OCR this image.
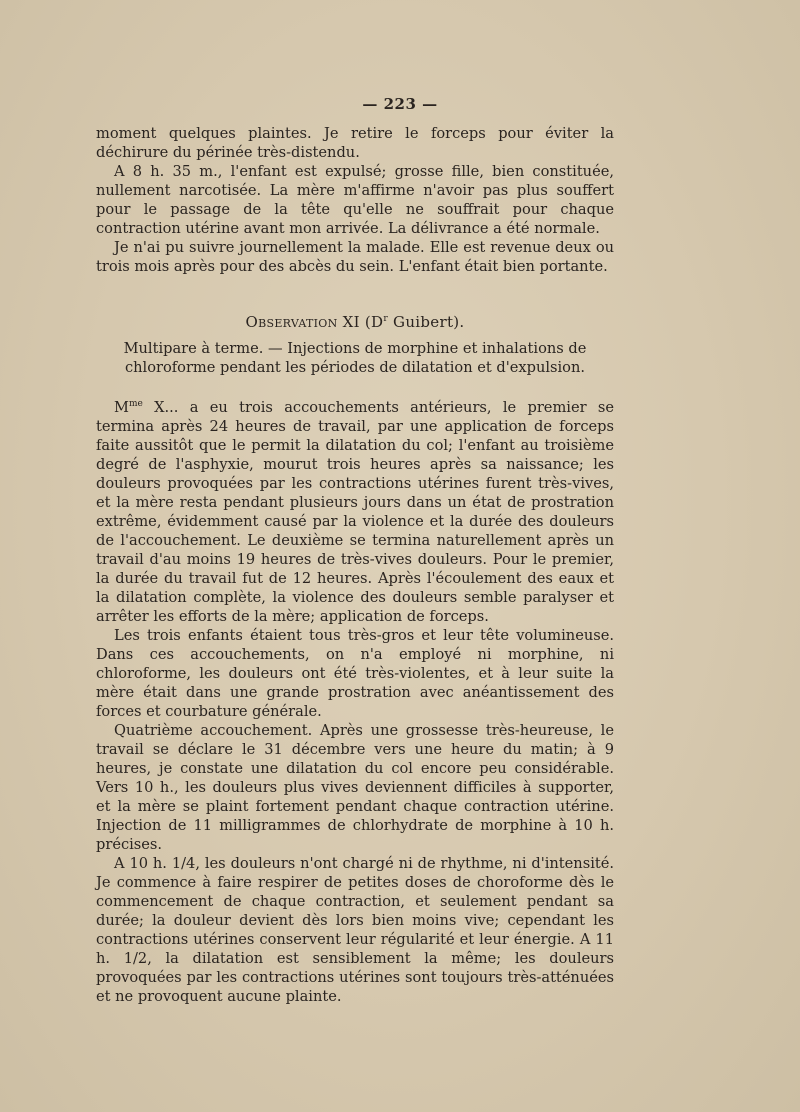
— 223 —

moment quelques plaintes. Je retire le forceps pour éviter la déchirure du périnée très-distendu.

A 8 h. 35 m., l'enfant est expulsé; grosse fille, bien constituée, nullement narcotisée. La mère m'affirme n'avoir pas plus souffert pour le passage de la tête qu'elle ne souffrait pour chaque contraction utérine avant mon arrivée. La délivrance a été normale.

Je n'ai pu suivre journellement la malade. Elle est revenue deux ou trois mois après pour des abcès du sein. L'enfant était bien portante.

Observation XI ($D^r$ Guibert).
Multipare à terme. — Injections de morphine et inhalations de chloroforme pendant les périodes de dilatation et d'expulsion.

$M^{me}$ X... a eu trois accouchements antérieurs, le premier se termina après 24 heures de travail, par une application de forceps faite aussitôt que le permit la dilatation du col; l'enfant au troisième degré de l'asphyxie, mourut trois heures après sa naissance; les douleurs provoquées par les contractions utérines furent très-vives, et la mère resta pendant plusieurs jours dans un état de prostration extrême, évidemment causé par la violence et la durée des douleurs de l'accouchement. Le deuxième se termina naturellement après un travail d'au moins 19 heures de très-vives douleurs. Pour le premier, la durée du travail fut de 12 heures. Après l'écoulement des eaux et la dilatation complète, la violence des douleurs semble paralyser et arrêter les efforts de la mère; application de forceps.

Les trois enfants étaient tous très-gros et leur tête volumineuse. Dans ces accouchements, on n'a employé ni morphine, ni chloroforme, les douleurs ont été très-violentes, et à leur suite la mère était dans une grande prostration avec anéantissement des forces et courbature générale.

Quatrième accouchement. Après une grossesse très-heureuse, le travail se déclare le 31 décembre vers une heure du matin; à 9 heures, je constate une dilatation du col encore peu considérable. Vers 10 h., les douleurs plus vives deviennent difficiles à supporter, et la mère se plaint fortement pendant chaque contraction utérine. Injection de 11 milligrammes de chlorhydrate de morphine à 10 h. précises.

A 10 h. 1/4, les douleurs n'ont chargé ni de rhythme, ni d'intensité. Je commence à faire respirer de petites doses de choroforme dès le commencement de chaque contraction, et seulement pendant sa durée; la douleur devient dès lors bien moins vive; cependant les contractions utérines conservent leur régularité et leur énergie. A 11 h. 1/2, la dilatation est sensiblement la même; les douleurs provoquées par les contractions utérines sont toujours très-atténuées et ne provoquent aucune plainte.
